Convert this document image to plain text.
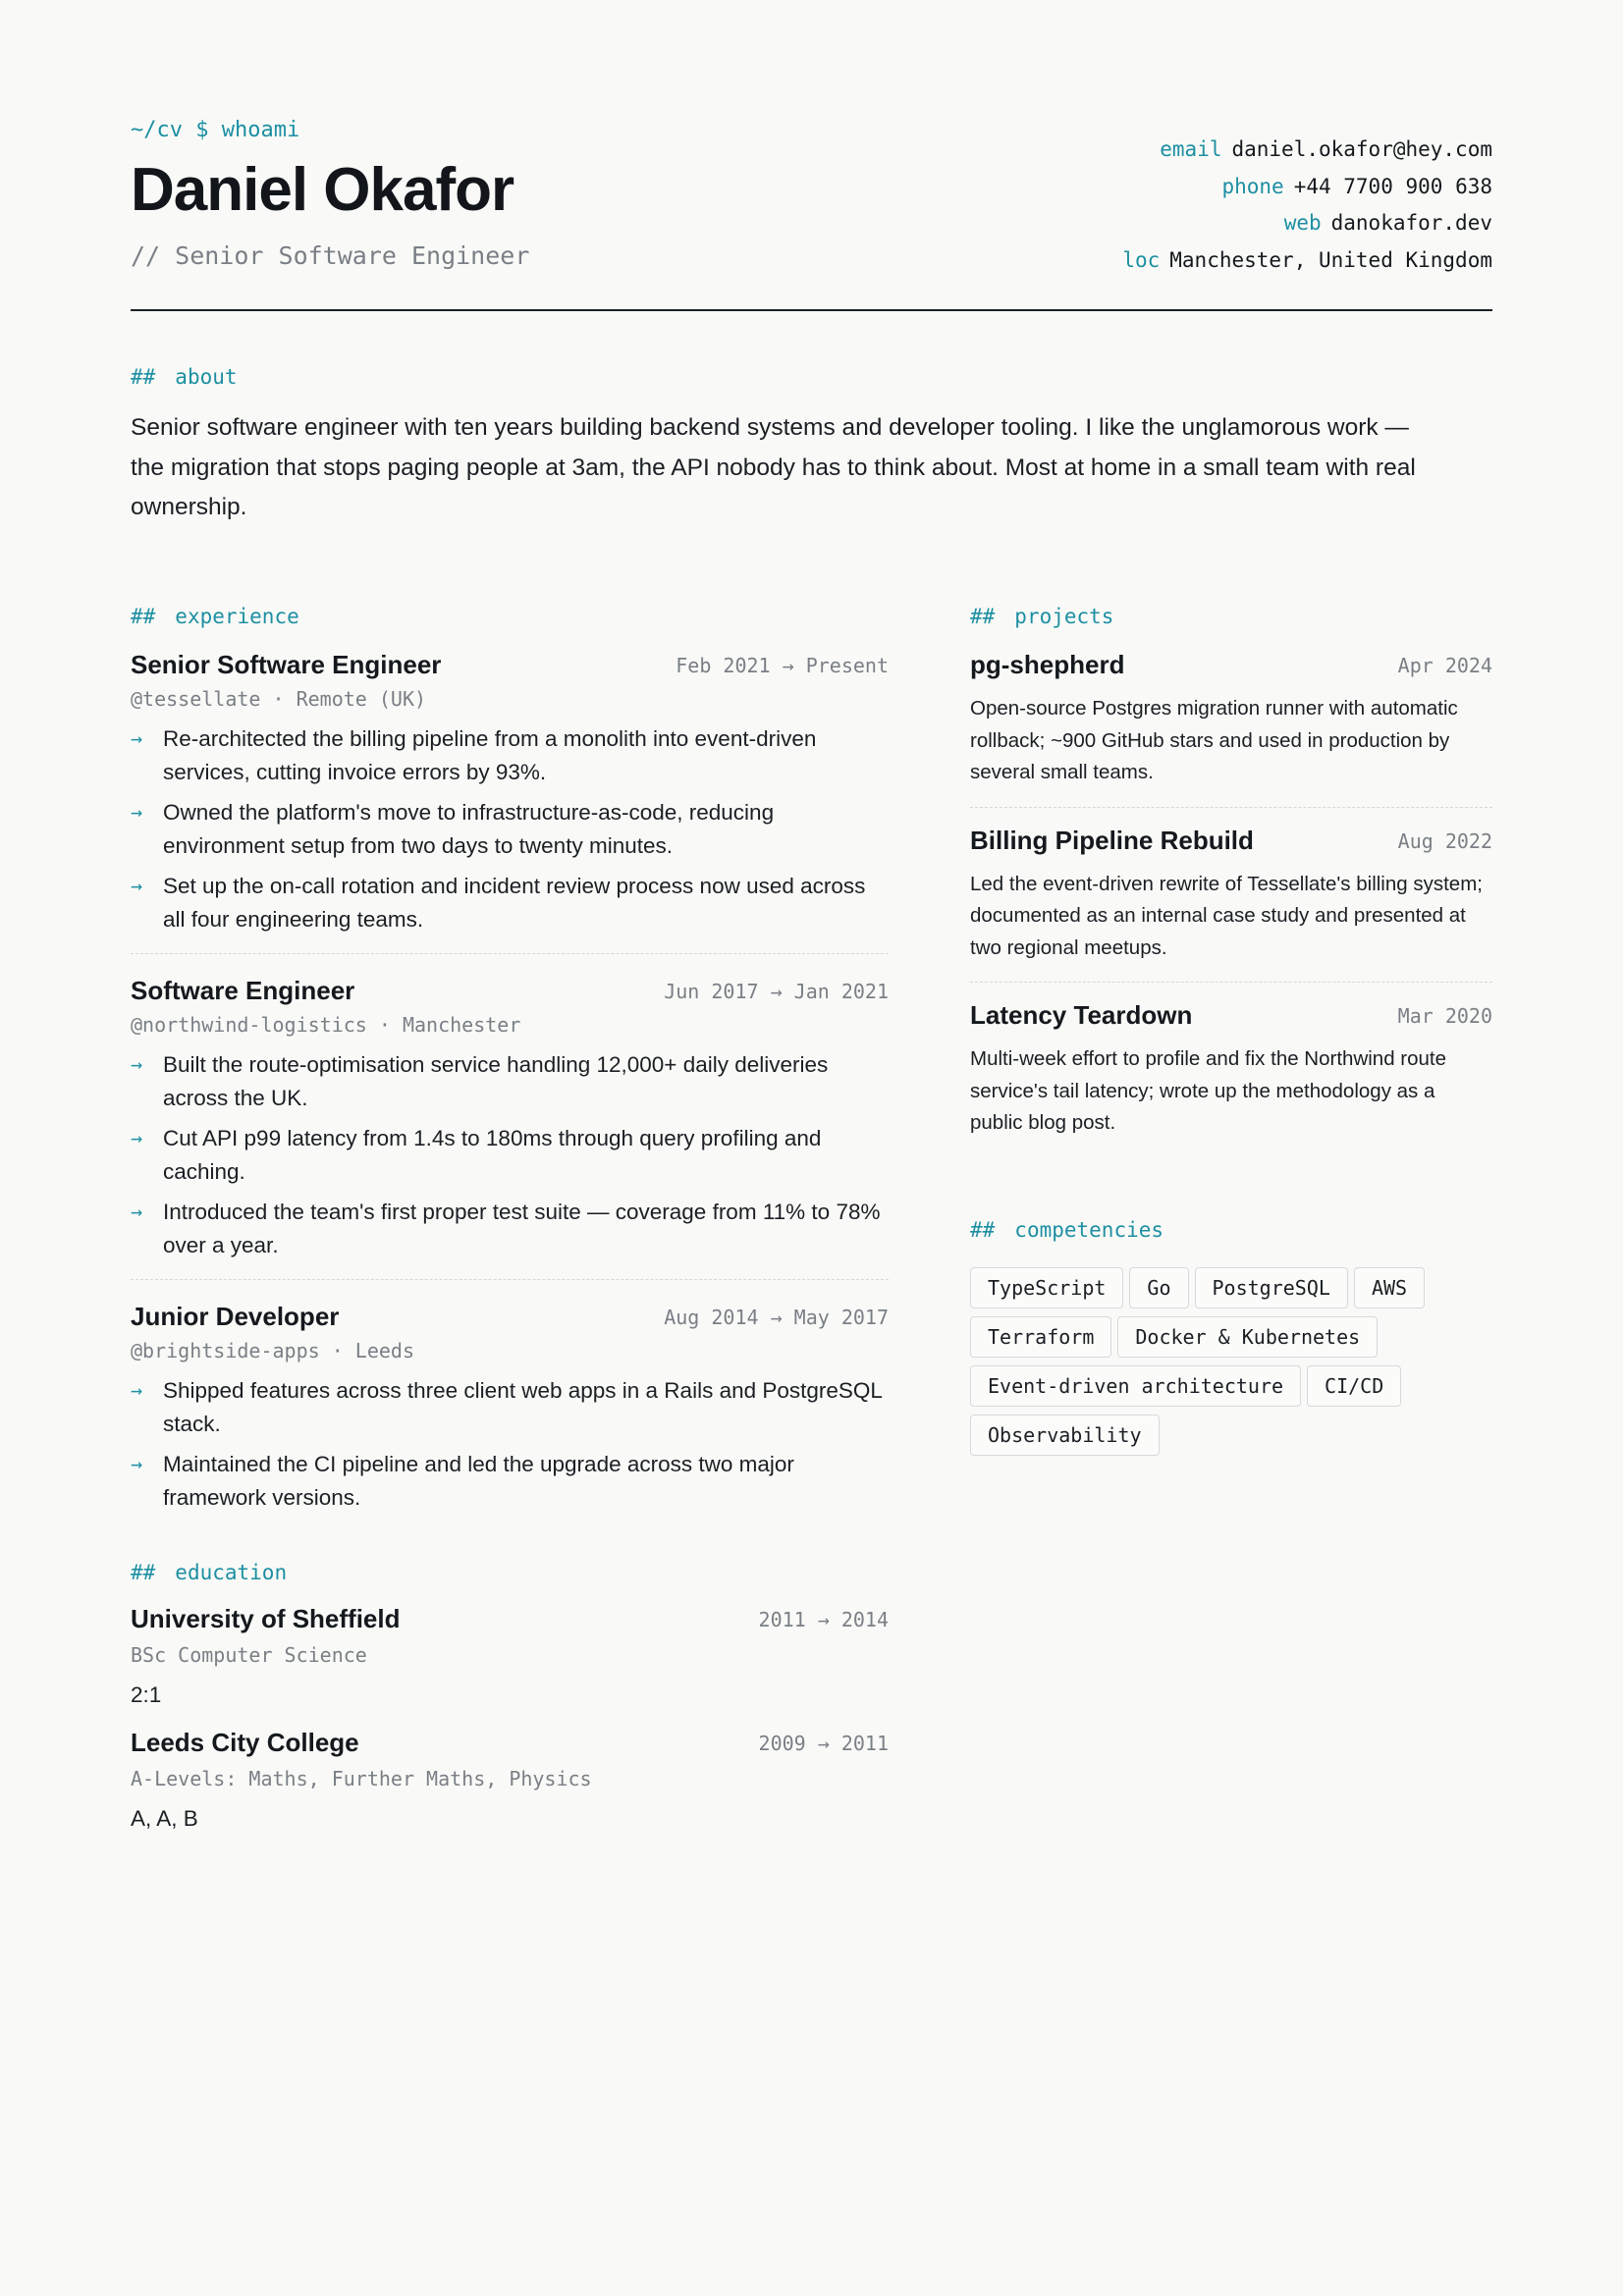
~/cv $ whoami
Daniel Okafor
// Senior Software Engineer
email daniel.okafor@hey.com
phone +44 7700 900 638
web danokafor.dev
loc Manchester, United Kingdom
## about

Senior software engineer with ten years building backend systems and developer tooling. I like the unglamorous work — the migration that stops paging people at 3am, the API nobody has to think about. Most at home in a small team with real ownership.

## experience
Senior Software Engineer	Feb 2021 → Present
@tessellate · Remote (UK)
→ Re-architected the billing pipeline from a monolith into event-driven services, cutting invoice errors by 93%.
→ Owned the platform's move to infrastructure-as-code, reducing environment setup from two days to twenty minutes.
→ Set up the on-call rotation and incident review process now used across all four engineering teams.
Software Engineer	Jun 2017 → Jan 2021
@northwind-logistics · Manchester
→ Built the route-optimisation service handling 12,000+ daily deliveries across the UK.
→ Cut API p99 latency from 1.4s to 180ms through query profiling and caching.
→ Introduced the team's first proper test suite — coverage from 11% to 78% over a year.
Junior Developer	Aug 2014 → May 2017
@brightside-apps · Leeds
→ Shipped features across three client web apps in a Rails and PostgreSQL stack.
→ Maintained the CI pipeline and led the upgrade across two major framework versions.
## education
University of Sheffield	2011 → 2014
BSc Computer Science
2:1
Leeds City College	2009 → 2011
A-Levels: Maths, Further Maths, Physics
A, A, B
## projects
pg-shepherd	Apr 2024
Open-source Postgres migration runner with automatic rollback; ~900 GitHub stars and used in production by several small teams.
Billing Pipeline Rebuild	Aug 2022
Led the event-driven rewrite of Tessellate's billing system; documented as an internal case study and presented at two regional meetups.
Latency Teardown	Mar 2020
Multi-week effort to profile and fix the Northwind route service's tail latency; wrote up the methodology as a public blog post.
## competencies
TypeScript Go PostgreSQL AWS
Terraform Docker & Kubernetes
Event-driven architecture CI/CD
Observability
